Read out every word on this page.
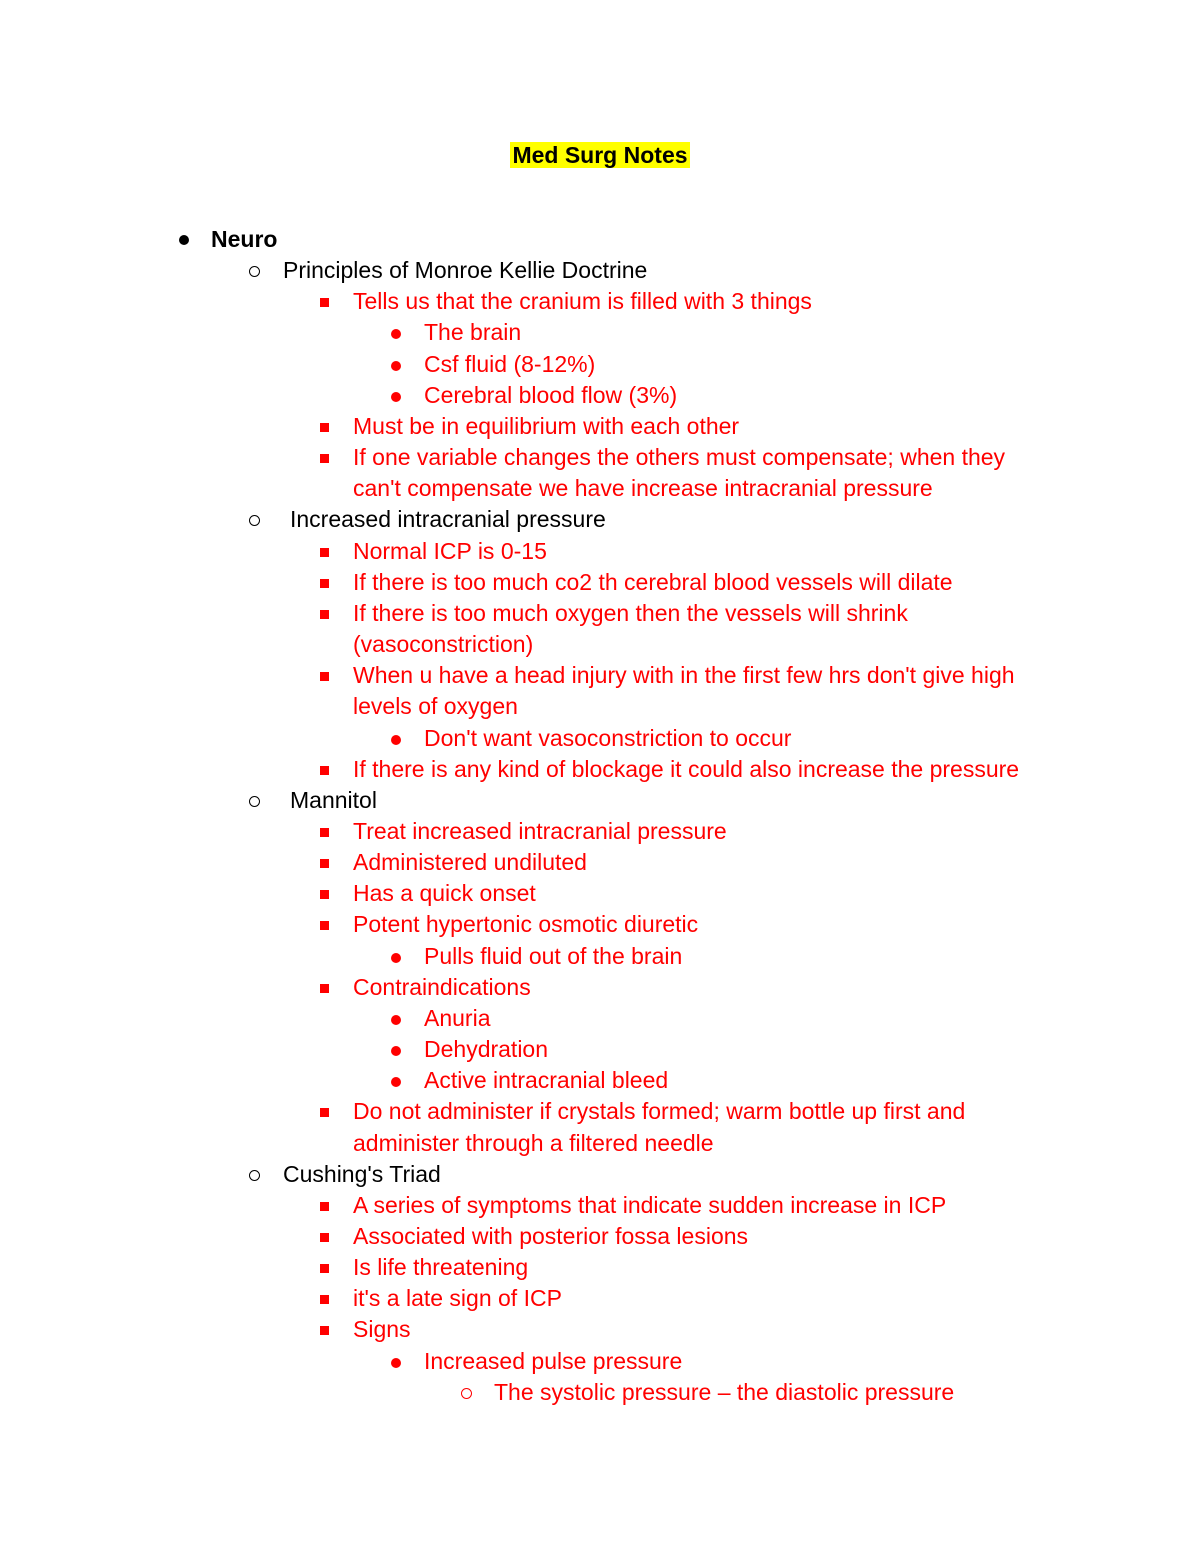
Med Surg Notes
Neuro
Principles of Monroe Kellie Doctrine
Tells us that the cranium is filled with 3 things
The brain
Csf fluid (8-12%)
Cerebral blood flow (3%)
Must be in equilibrium with each other
If one variable changes the others must compensate; when they
can't compensate we have increase intracranial pressure
Increased intracranial pressure
Normal ICP is 0-15
If there is too much co2 th cerebral blood vessels will dilate
If there is too much oxygen then the vessels will shrink
(vasoconstriction)
When u have a head injury with in the first few hrs don't give high
levels of oxygen
Don't want vasoconstriction to occur
If there is any kind of blockage it could also increase the pressure
Mannitol
Treat increased intracranial pressure
Administered undiluted
Has a quick onset
Potent hypertonic osmotic diuretic
Pulls fluid out of the brain
Contraindications
Anuria
Dehydration
Active intracranial bleed
Do not administer if crystals formed; warm bottle up first and
administer through a filtered needle
Cushing's Triad
A series of symptoms that indicate sudden increase in ICP
Associated with posterior fossa lesions
Is life threatening
it's a late sign of ICP
Signs
Increased pulse pressure
The systolic pressure – the diastolic pressure
